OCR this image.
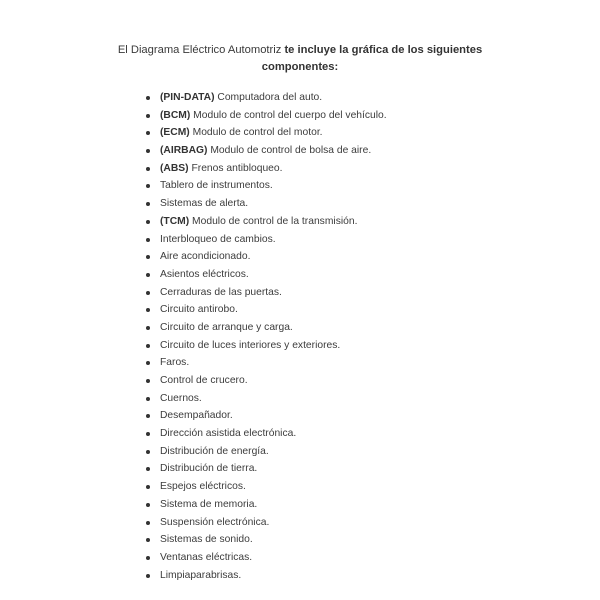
El Diagrama Eléctrico Automotriz te incluye la gráfica de los siguientes componentes:
(PIN-DATA) Computadora del auto.
(BCM) Modulo de control del cuerpo del vehículo.
(ECM) Modulo de control del motor.
(AIRBAG) Modulo de control de bolsa de aire.
(ABS) Frenos antibloqueo.
Tablero de instrumentos.
Sistemas de alerta.
(TCM) Modulo de control de la transmisión.
Interbloqueo de cambios.
Aire acondicionado.
Asientos eléctricos.
Cerraduras de las puertas.
Circuito antirobo.
Circuito de arranque y carga.
Circuito de luces interiores y exteriores.
Faros.
Control de crucero.
Cuernos.
Desempañador.
Dirección asistida electrónica.
Distribución de energía.
Distribución de tierra.
Espejos eléctricos.
Sistema de memoria.
Suspensión electrónica.
Sistemas de sonido.
Ventanas eléctricas.
Limpiaparabrisas.
